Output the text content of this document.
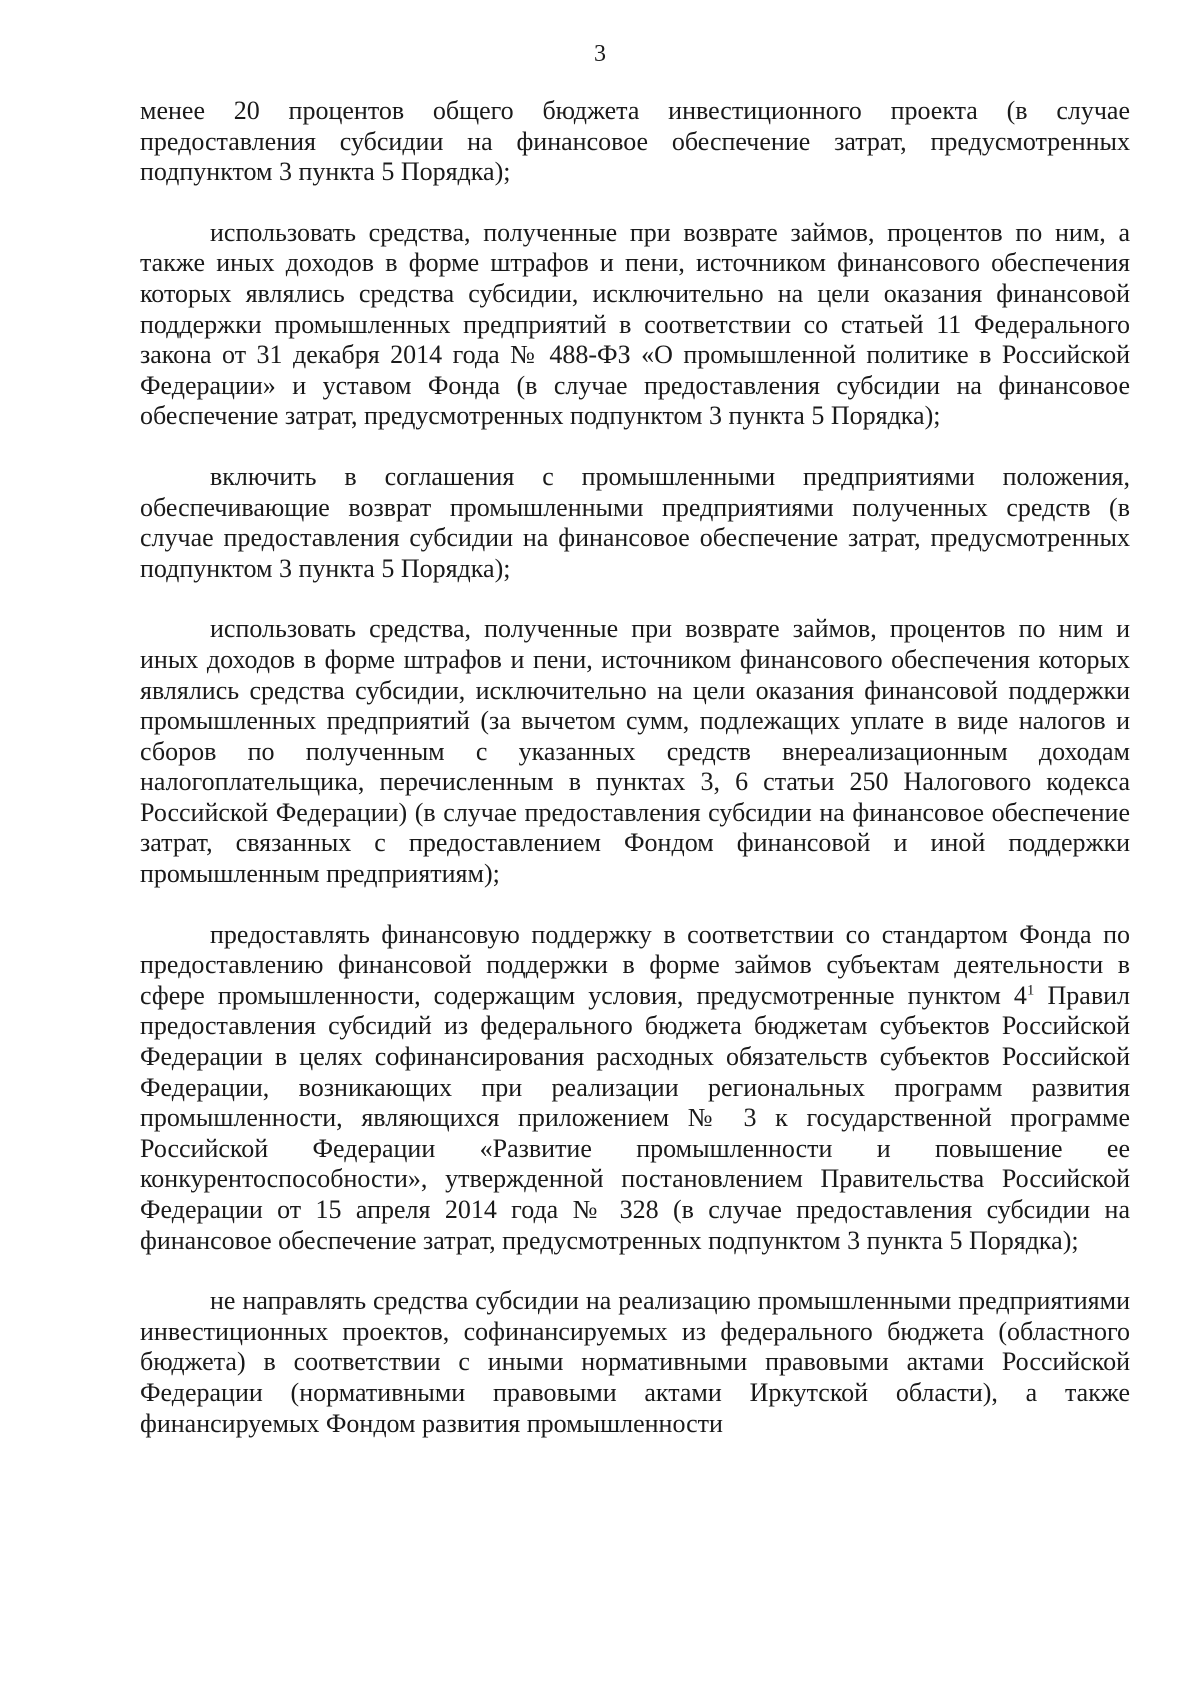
3

менее 20 процентов общего бюджета инвестиционного проекта (в случае предоставления субсидии на финансовое обеспечение затрат, предусмотренных подпунктом 3 пункта 5 Порядка);

использовать средства, полученные при возврате займов, процентов по ним, а также иных доходов в форме штрафов и пени, источником финансового обеспечения которых являлись средства субсидии, исключительно на цели оказания финансовой поддержки промышленных предприятий в соответствии со статьей 11 Федерального закона от 31 декабря 2014 года № 488-ФЗ «О промышленной политике в Российской Федерации» и уставом Фонда (в случае предоставления субсидии на финансовое обеспечение затрат, предусмотренных подпунктом 3 пункта 5 Порядка);

включить в соглашения с промышленными предприятиями положения, обеспечивающие возврат промышленными предприятиями полученных средств (в случае предоставления субсидии на финансовое обеспечение затрат, предусмотренных подпунктом 3 пункта 5 Порядка);

использовать средства, полученные при возврате займов, процентов по ним и иных доходов в форме штрафов и пени, источником финансового обеспечения которых являлись средства субсидии, исключительно на цели оказания финансовой поддержки промышленных предприятий (за вычетом сумм, подлежащих уплате в виде налогов и сборов по полученным с указанных средств внереализационным доходам налогоплательщика, перечисленным в пунктах 3, 6 статьи 250 Налогового кодекса Российской Федерации) (в случае предоставления субсидии на финансовое обеспечение затрат, связанных с предоставлением Фондом финансовой и иной поддержки промышленным предприятиям);

предоставлять финансовую поддержку в соответствии со стандартом Фонда по предоставлению финансовой поддержки в форме займов субъектам деятельности в сфере промышленности, содержащим условия, предусмотренные пунктом $4^1$ Правил предоставления субсидий из федерального бюджета бюджетам субъектов Российской Федерации в целях софинансирования расходных обязательств субъектов Российской Федерации, возникающих при реализации региональных программ развития промышленности, являющихся приложением № 3 к государственной программе Российской Федерации «Развитие промышленности и повышение ее конкурентоспособности», утвержденной постановлением Правительства Российской Федерации от 15 апреля 2014 года № 328 (в случае предоставления субсидии на финансовое обеспечение затрат, предусмотренных подпунктом 3 пункта 5 Порядка);

не направлять средства субсидии на реализацию промышленными предприятиями инвестиционных проектов, софинансируемых из федерального бюджета (областного бюджета) в соответствии с иными нормативными правовыми актами Российской Федерации (нормативными правовыми актами Иркутской области), а также финансируемых Фондом развития промышленности
